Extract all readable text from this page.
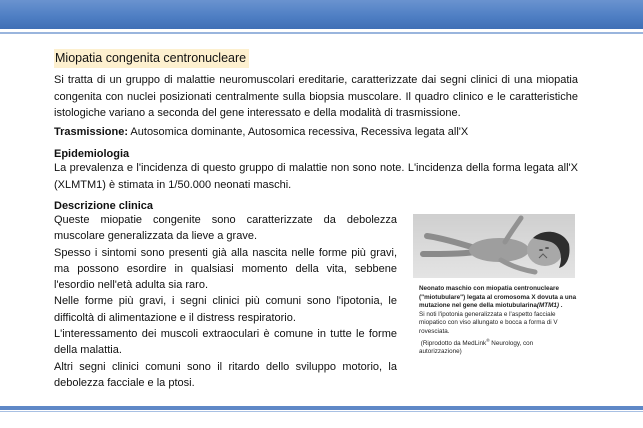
Miopatia congenita centronucleare

Si tratta di un gruppo di malattie neuromuscolari ereditarie, caratterizzate dai segni clinici di una miopatia congenita con nuclei posizionati centralmente sulla biopsia muscolare. Il quadro clinico e le caratteristiche istologiche variano a seconda del gene interessato e della modalità di trasmissione.

Trasmissione: Autosomica dominante, Autosomica recessiva, Recessiva legata all'X

Epidemiologia

La prevalenza e l'incidenza di questo gruppo di malattie non sono note. L'incidenza della forma legata all'X (XLMTM1) è stimata in 1/50.000 neonati maschi.

Descrizione clinica

Queste miopatie congenite sono caratterizzate da debolezza muscolare generalizzata da lieve a grave.

Spesso i sintomi sono presenti già alla nascita nelle forme più gravi, ma possono esordire in qualsiasi momento della vita, sebbene l'esordio nell'età adulta sia raro.

Nelle forme più gravi, i segni clinici più comuni sono l'ipotonia, le difficoltà di alimentazione e il distress respiratorio.

L'interessamento dei muscoli extraoculari è comune in tutte le forme della malattia.

Altri segni clinici comuni sono il ritardo dello sviluppo motorio, la debolezza facciale e la ptosi.

Neonato maschio con miopatia centronucleare ("miotubulare") legata al cromosoma X dovuta a una mutazione nel gene della miotubularina(MTM1) .
Si noti l'ipotonia generalizzata e l'aspetto facciale miopatico con viso allungato e bocca a forma di V rovesciata.
(Riprodotto da MedLink® Neurology, con autorizzazione)
